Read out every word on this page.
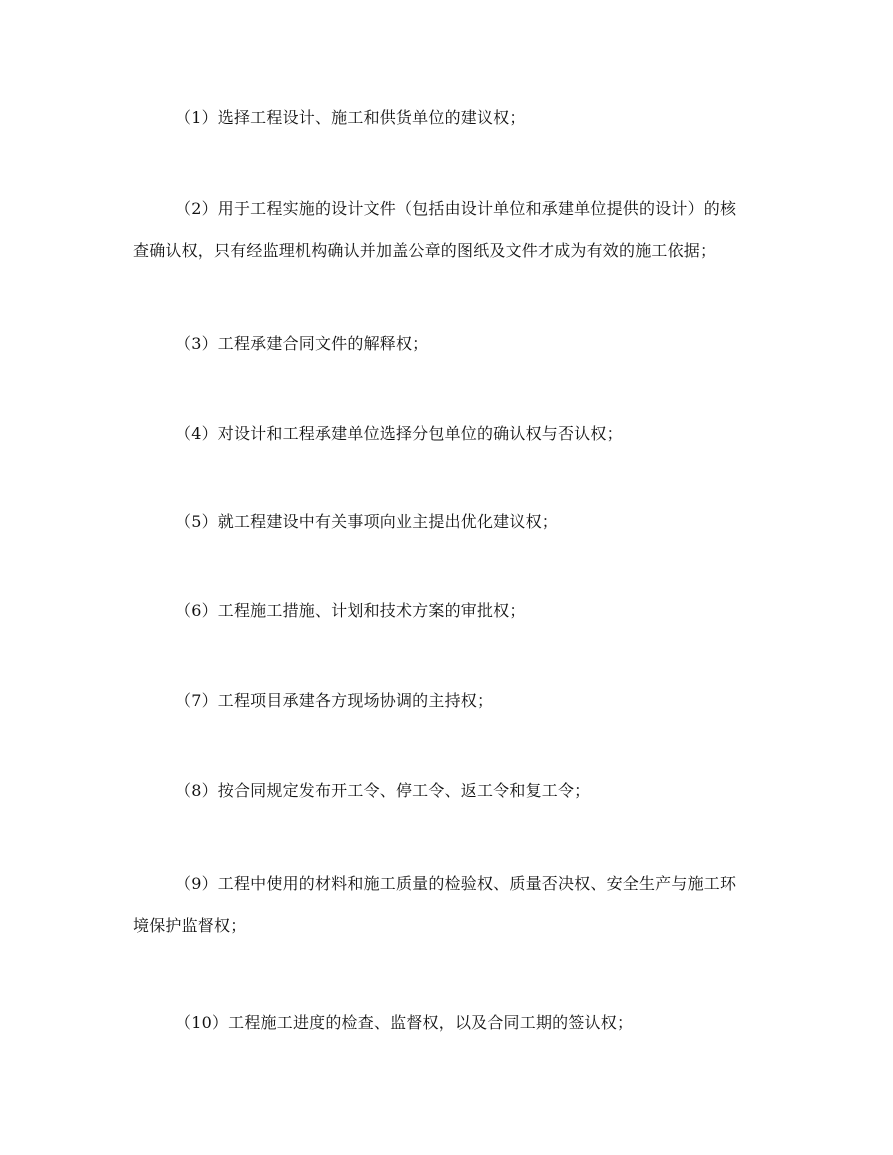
（1）选择工程设计、施工和供货单位的建议权；
（2）用于工程实施的设计文件（包括由设计单位和承建单位提供的设计）的核
查确认权，只有经监理机构确认并加盖公章的图纸及文件才成为有效的施工依据；
（3）工程承建合同文件的解释权；
（4）对设计和工程承建单位选择分包单位的确认权与否认权；
（5）就工程建设中有关事项向业主提出优化建议权；
（6）工程施工措施、计划和技术方案的审批权；
（7）工程项目承建各方现场协调的主持权；
（8）按合同规定发布开工令、停工令、返工令和复工令；
（9）工程中使用的材料和施工质量的检验权、质量否决权、安全生产与施工环
境保护监督权；
（10）工程施工进度的检查、监督权，以及合同工期的签认权；
